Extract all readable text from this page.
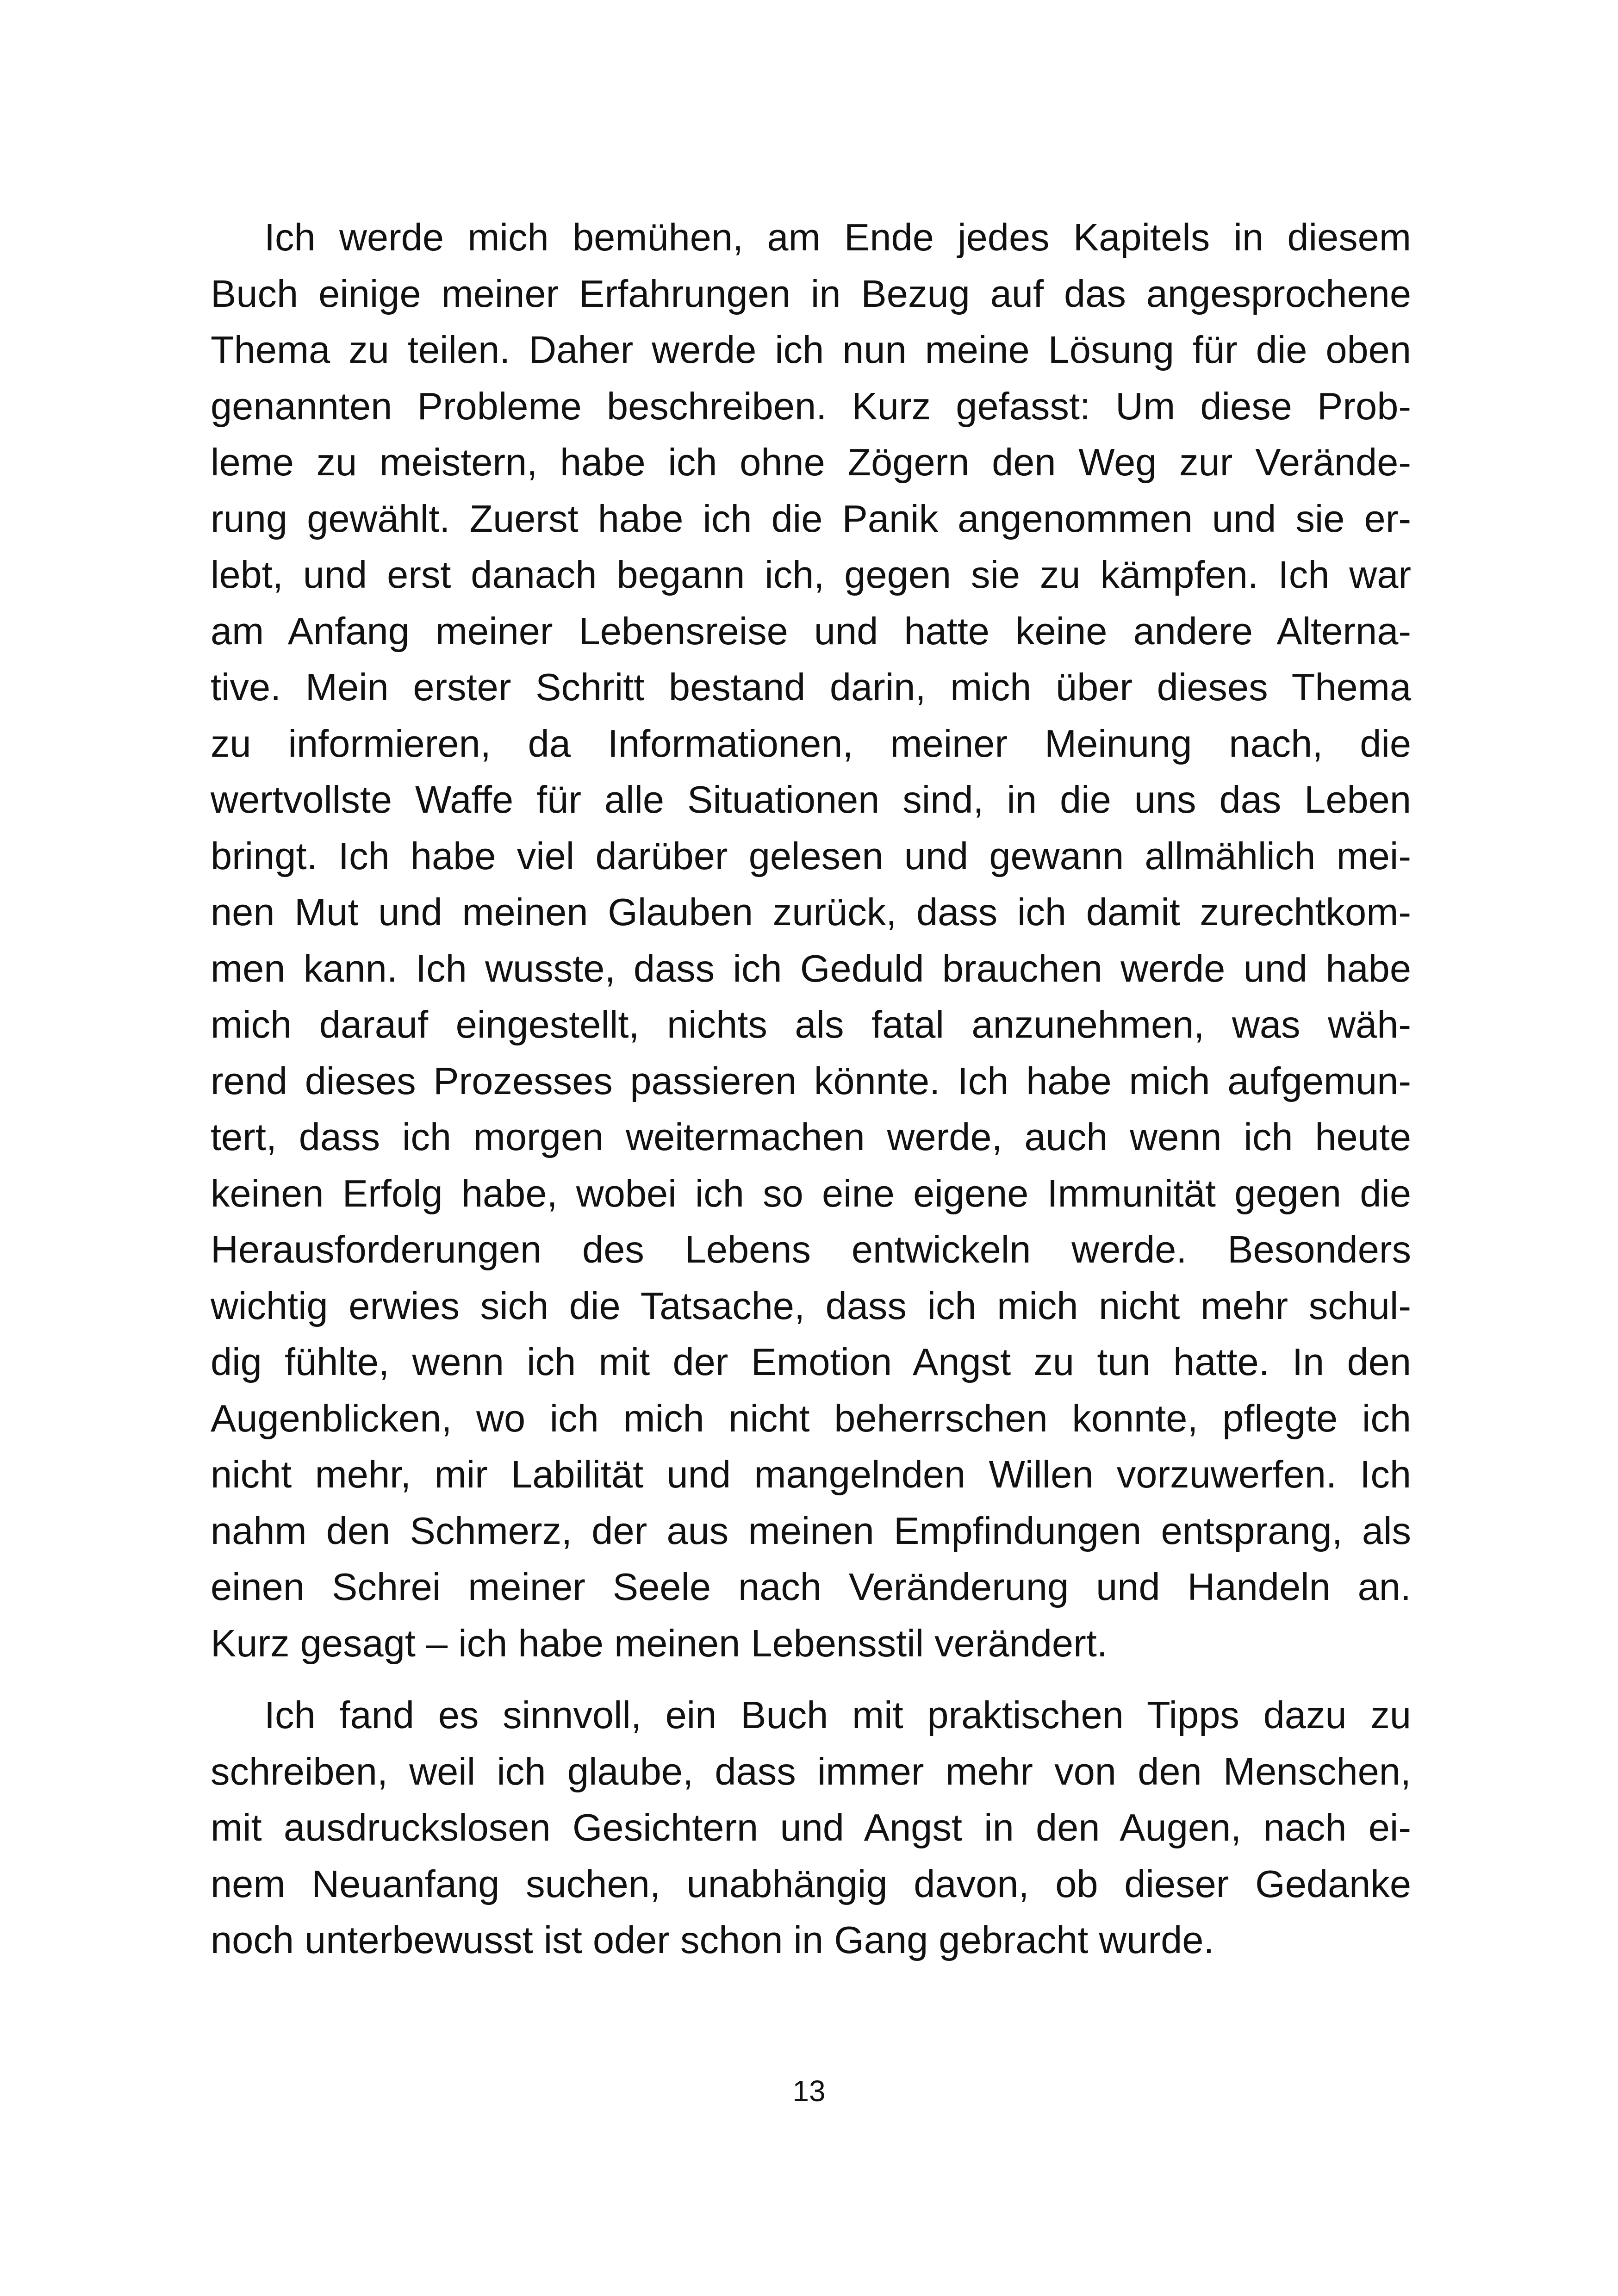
Ich werde mich bemühen, am Ende jedes Kapitels in diesem
Buch einige meiner Erfahrungen in Bezug auf das angesprochene
Thema zu teilen. Daher werde ich nun meine Lösung für die oben
genannten Probleme beschreiben. Kurz gefasst: Um diese Prob-
leme zu meistern, habe ich ohne Zögern den Weg zur Verände-
rung gewählt. Zuerst habe ich die Panik angenommen und sie er-
lebt, und erst danach begann ich, gegen sie zu kämpfen. Ich war
am Anfang meiner Lebensreise und hatte keine andere Alterna-
tive. Mein erster Schritt bestand darin, mich über dieses Thema
zu informieren, da Informationen, meiner Meinung nach, die
wertvollste Waffe für alle Situationen sind, in die uns das Leben
bringt. Ich habe viel darüber gelesen und gewann allmählich mei-
nen Mut und meinen Glauben zurück, dass ich damit zurechtkom-
men kann. Ich wusste, dass ich Geduld brauchen werde und habe
mich darauf eingestellt, nichts als fatal anzunehmen, was wäh-
rend dieses Prozesses passieren könnte. Ich habe mich aufgemun-
tert, dass ich morgen weitermachen werde, auch wenn ich heute
keinen Erfolg habe, wobei ich so eine eigene Immunität gegen die
Herausforderungen des Lebens entwickeln werde. Besonders
wichtig erwies sich die Tatsache, dass ich mich nicht mehr schul-
dig fühlte, wenn ich mit der Emotion Angst zu tun hatte. In den
Augenblicken, wo ich mich nicht beherrschen konnte, pflegte ich
nicht mehr, mir Labilität und mangelnden Willen vorzuwerfen. Ich
nahm den Schmerz, der aus meinen Empfindungen entsprang, als
einen Schrei meiner Seele nach Veränderung und Handeln an.
Kurz gesagt – ich habe meinen Lebensstil verändert.
Ich fand es sinnvoll, ein Buch mit praktischen Tipps dazu zu
schreiben, weil ich glaube, dass immer mehr von den Menschen,
mit ausdruckslosen Gesichtern und Angst in den Augen, nach ei-
nem Neuanfang suchen, unabhängig davon, ob dieser Gedanke
noch unterbewusst ist oder schon in Gang gebracht wurde.
13
